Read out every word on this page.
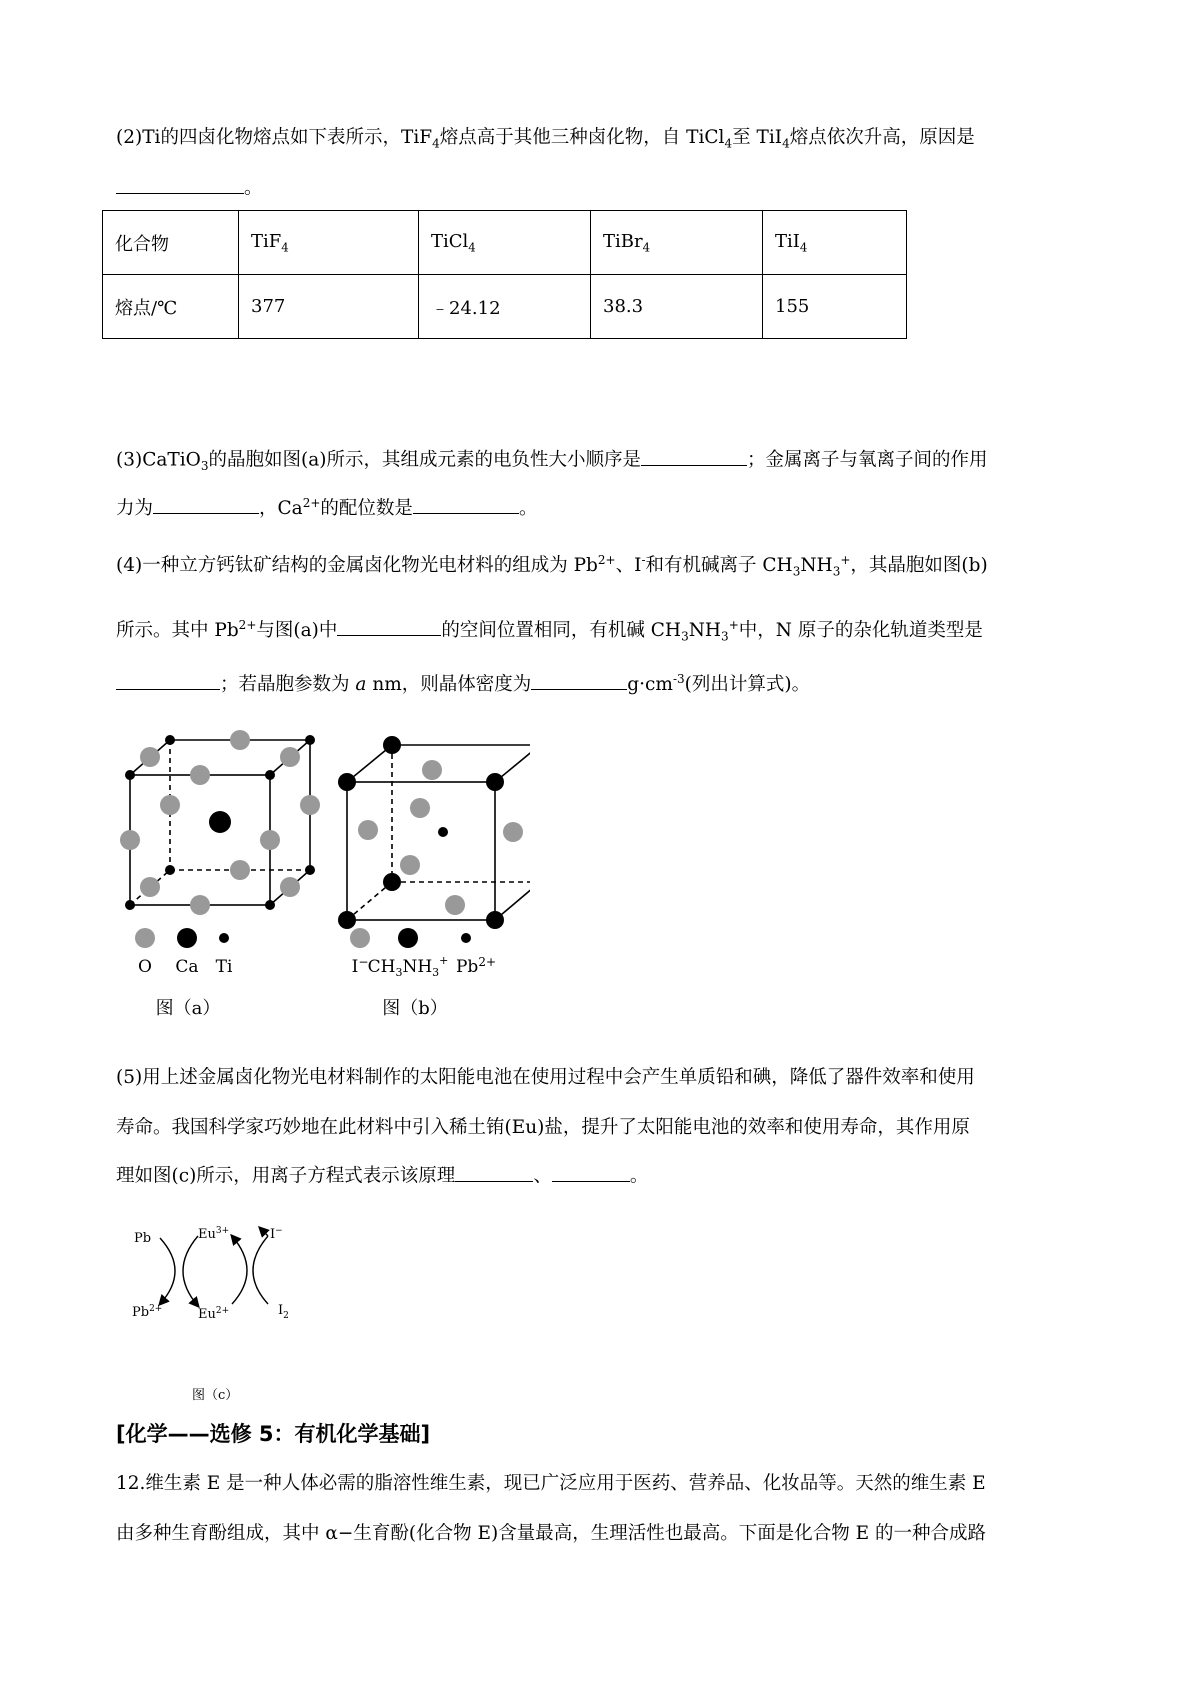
(2)Ti的四卤化物熔点如下表所示，TiF$_4$熔点高于其他三种卤化物，自 TiCl$_4$至 TiI$_4$熔点依次升高，原因是
。
化合物	TiF$_4$	TiCl$_4$	TiBr$_4$	TiI$_4$
熔点/℃	377	﹣24.12	38.3	155
(3)CaTiO$_3$的晶胞如图(a)所示，其组成元素的电负性大小顺序是	；金属离子与氧离子间的作用
力为	，$Ca^{2+}$的配位数是	。
(4)一种立方钙钛矿结构的金属卤化物光电材料的组成为 $Pb^{2+}$、I-和有机碱离子 $CH_3NH_3^+$，其晶胞如图(b)
所示。其中 $Pb^{2+}$与图(a)中	的空间位置相同，有机碱 $CH_3NH_3^+$中，N 原子的杂化轨道类型是
；若晶胞参数为 a nm，则晶体密度为	$g\cdot cm^{-3}$(列出计算式)。
O Ca Ti
图（a）
I− $CH_3NH_3^+$ $Pb^{2+}$
图（b）
(5)用上述金属卤化物光电材料制作的太阳能电池在使用过程中会产生单质铅和碘，降低了器件效率和使用
寿命。我国科学家巧妙地在此材料中引入稀土铕(Eu)盐，提升了太阳能电池的效率和使用寿命，其作用原
理如图(c)所示，用离子方程式表示该原理	、	。
Pb
$Pb^{2+}$
$Eu^{3+}$
$Eu^{2+}$
I−
$I_2$
图（c）
[化学——选修 5：有机化学基础]
12.维生素 E 是一种人体必需的脂溶性维生素，现已广泛应用于医药、营养品、化妆品等。天然的维生素 E
由多种生育酚组成，其中 α−生育酚(化合物 E)含量最高，生理活性也最高。下面是化合物 E 的一种合成路
